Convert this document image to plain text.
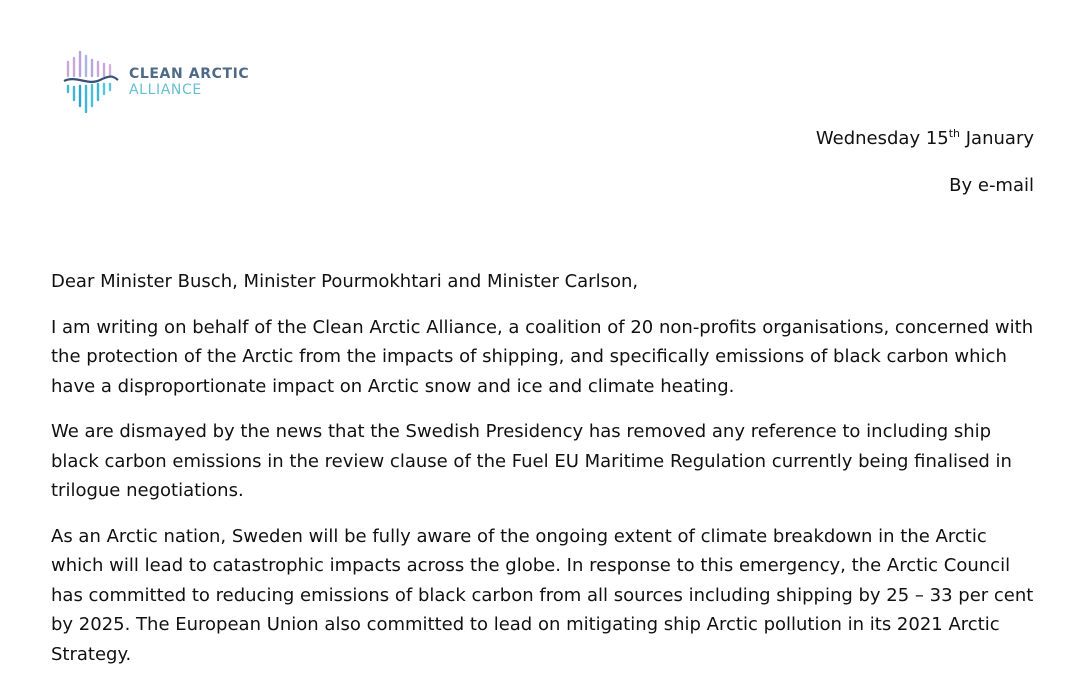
CLEAN ARCTIC
ALLIANCE
Wednesday 15th January
By e-mail

Dear Minister Busch, Minister Pourmokhtari and Minister Carlson,

I am writing on behalf of the Clean Arctic Alliance, a coalition of 20 non-profits organisations, concerned with the protection of the Arctic from the impacts of shipping, and specifically emissions of black carbon which have a disproportionate impact on Arctic snow and ice and climate heating.

We are dismayed by the news that the Swedish Presidency has removed any reference to including ship black carbon emissions in the review clause of the Fuel EU Maritime Regulation currently being finalised in trilogue negotiations.

As an Arctic nation, Sweden will be fully aware of the ongoing extent of climate breakdown in the Arctic which will lead to catastrophic impacts across the globe. In response to this emergency, the Arctic Council has committed to reducing emissions of black carbon from all sources including shipping by 25 – 33 per cent by 2025. The European Union also committed to lead on mitigating ship Arctic pollution in its 2021 Arctic Strategy.
